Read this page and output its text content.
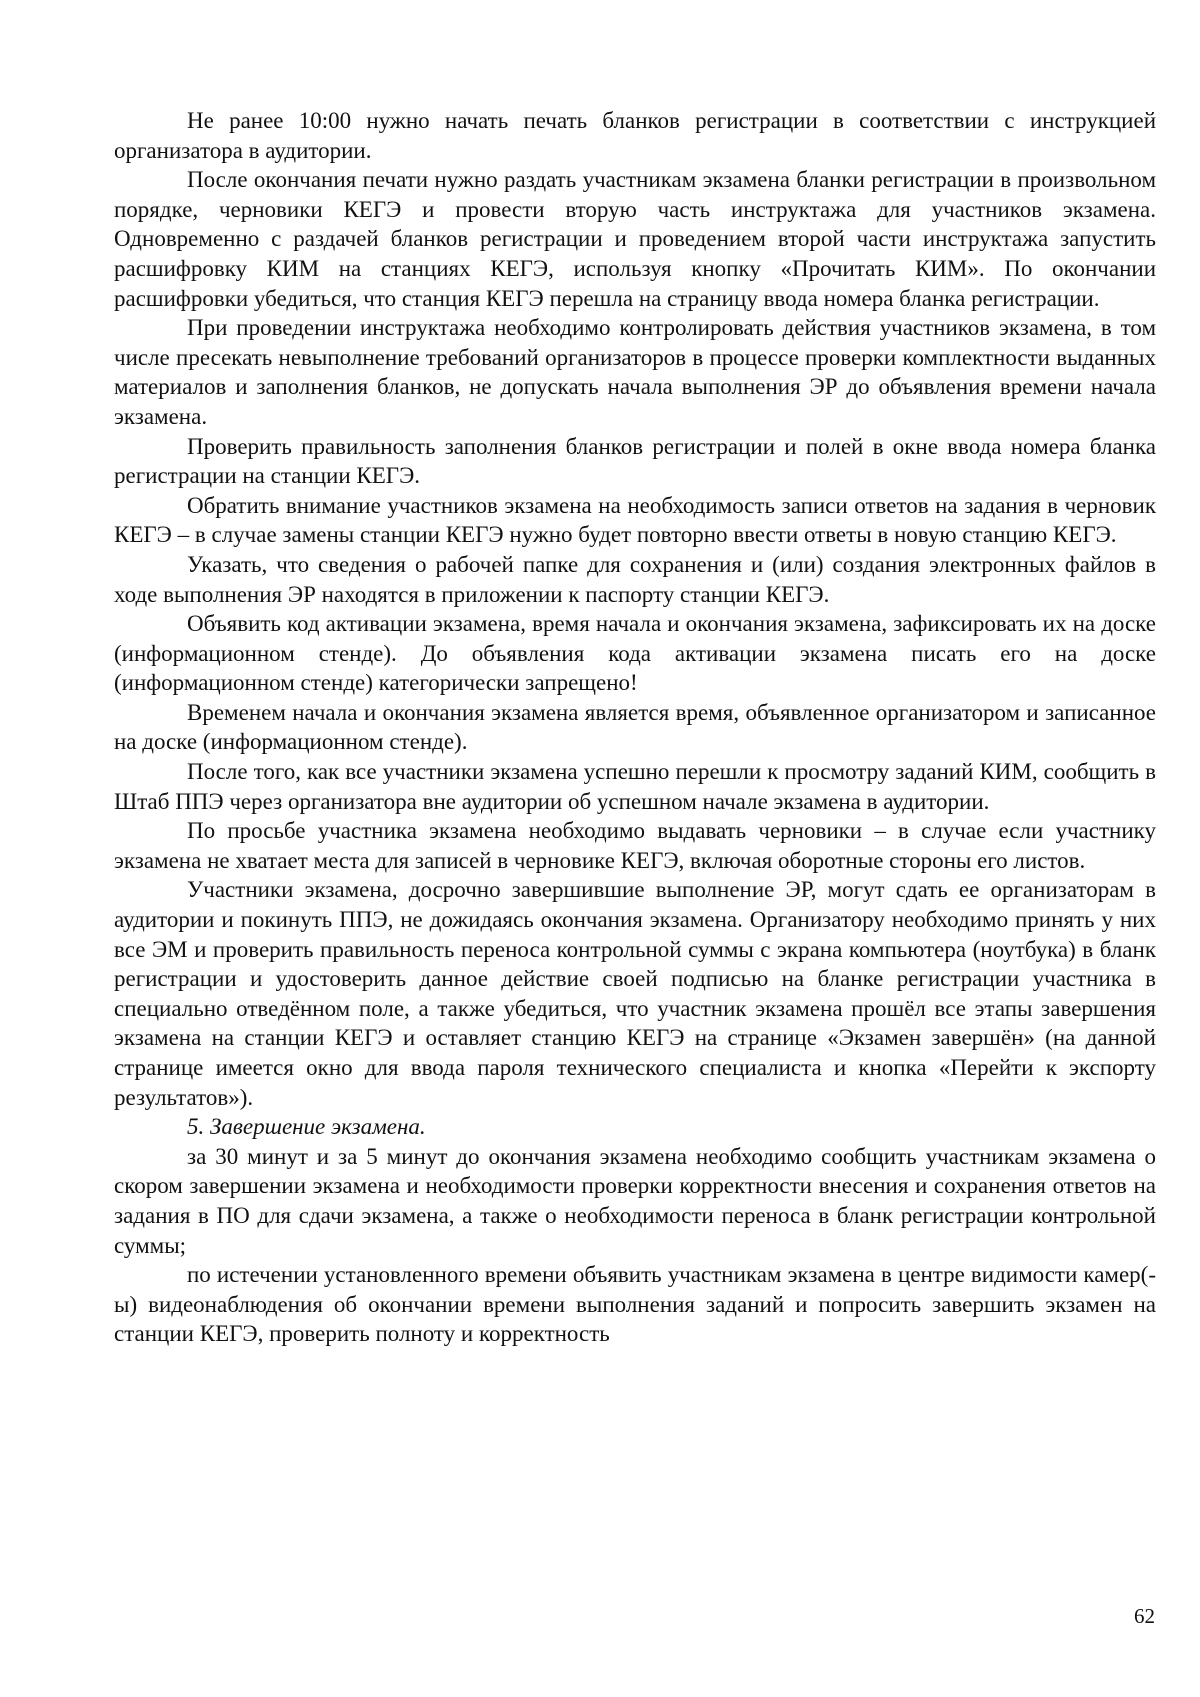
Не ранее 10:00 нужно начать печать бланков регистрации в соответствии с инструкцией организатора в аудитории.

После окончания печати нужно раздать участникам экзамена бланки регистрации в произвольном порядке, черновики КЕГЭ и провести вторую часть инструктажа для участников экзамена. Одновременно с раздачей бланков регистрации и проведением второй части инструктажа запустить расшифровку КИМ на станциях КЕГЭ, используя кнопку «Прочитать КИМ». По окончании расшифровки убедиться, что станция КЕГЭ перешла на страницу ввода номера бланка регистрации.

При проведении инструктажа необходимо контролировать действия участников экзамена, в том числе пресекать невыполнение требований организаторов в процессе проверки комплектности выданных материалов и заполнения бланков, не допускать начала выполнения ЭР до объявления времени начала экзамена.

Проверить правильность заполнения бланков регистрации и полей в окне ввода номера бланка регистрации на станции КЕГЭ.

Обратить внимание участников экзамена на необходимость записи ответов на задания в черновик КЕГЭ – в случае замены станции КЕГЭ нужно будет повторно ввести ответы в новую станцию КЕГЭ.

Указать, что сведения о рабочей папке для сохранения и (или) создания электронных файлов в ходе выполнения ЭР находятся в приложении к паспорту станции КЕГЭ.

Объявить код активации экзамена, время начала и окончания экзамена, зафиксировать их на доске (информационном стенде). До объявления кода активации экзамена писать его на доске (информационном стенде) категорически запрещено!

Временем начала и окончания экзамена является время, объявленное организатором и записанное на доске (информационном стенде).

После того, как все участники экзамена успешно перешли к просмотру заданий КИМ, сообщить в Штаб ППЭ через организатора вне аудитории об успешном начале экзамена в аудитории.

По просьбе участника экзамена необходимо выдавать черновики – в случае если участнику экзамена не хватает места для записей в черновике КЕГЭ, включая оборотные стороны его листов.

Участники экзамена, досрочно завершившие выполнение ЭР, могут сдать ее организаторам в аудитории и покинуть ППЭ, не дожидаясь окончания экзамена. Организатору необходимо принять у них все ЭМ и проверить правильность переноса контрольной суммы с экрана компьютера (ноутбука) в бланк регистрации и удостоверить данное действие своей подписью на бланке регистрации участника в специально отведённом поле, а также убедиться, что участник экзамена прошёл все этапы завершения экзамена на станции КЕГЭ и оставляет станцию КЕГЭ на странице «Экзамен завершён» (на данной странице имеется окно для ввода пароля технического специалиста и кнопка «Перейти к экспорту результатов»).

5. Завершение экзамена.

за 30 минут и за 5 минут до окончания экзамена необходимо сообщить участникам экзамена о скором завершении экзамена и необходимости проверки корректности внесения и сохранения ответов на задания в ПО для сдачи экзамена, а также о необходимости переноса в бланк регистрации контрольной суммы;

по истечении установленного времени объявить участникам экзамена в центре видимости камер(-ы) видеонаблюдения об окончании времени выполнения заданий и попросить завершить экзамен на станции КЕГЭ, проверить полноту и корректность

62
